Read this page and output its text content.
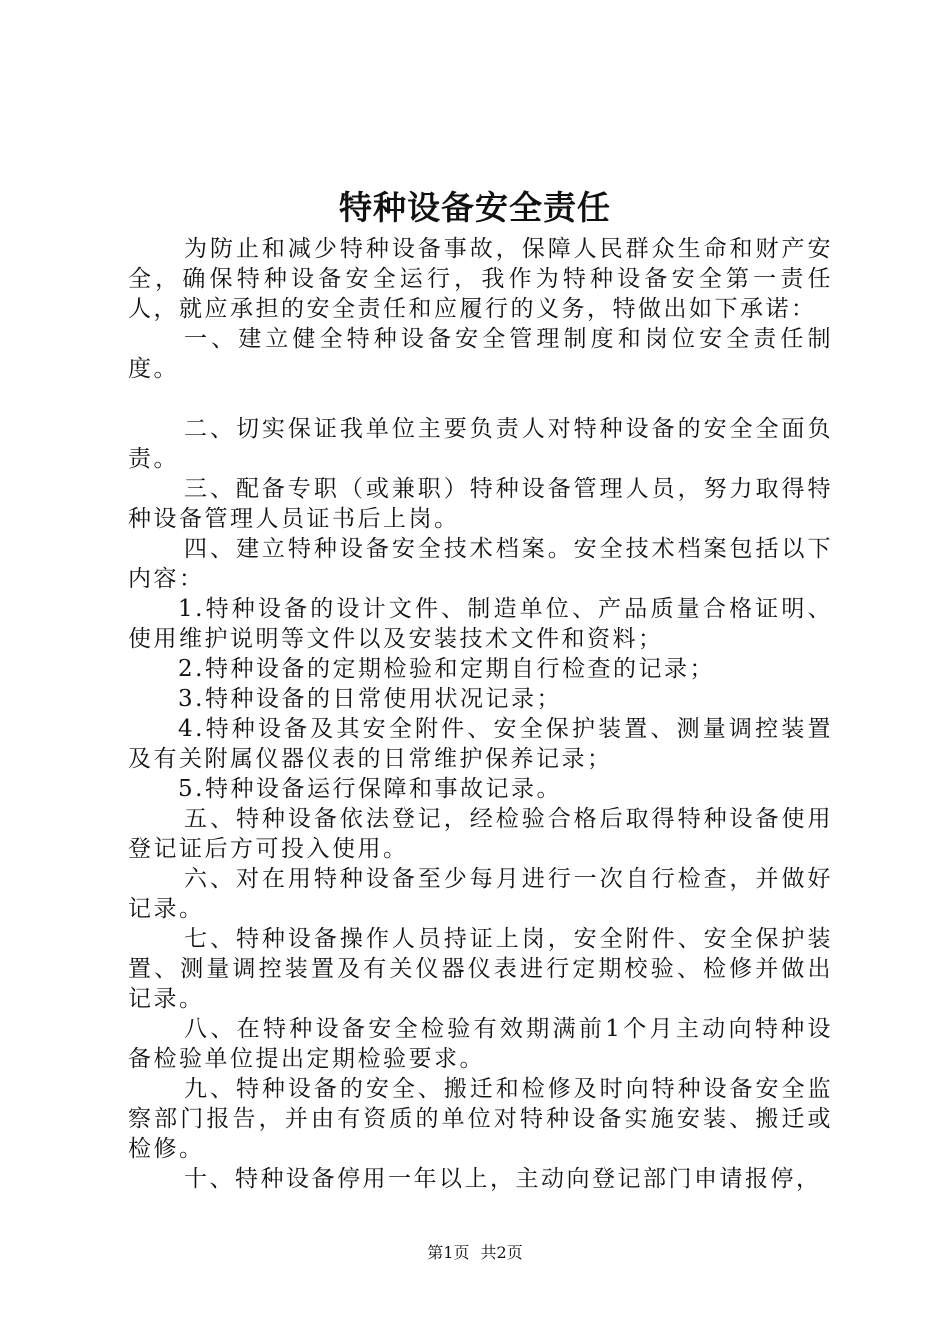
特种设备安全责任

为防止和减少特种设备事故，保障人民群众生命和财产安全，确保特种设备安全运行，我作为特种设备安全第一责任人，就应承担的安全责任和应履行的义务，特做出如下承诺：

一、建立健全特种设备安全管理制度和岗位安全责任制度。

二、切实保证我单位主要负责人对特种设备的安全全面负责。

三、配备专职（或兼职）特种设备管理人员，努力取得特种设备管理人员证书后上岗。

四、建立特种设备安全技术档案。安全技术档案包括以下内容：

1.特种设备的设计文件、制造单位、产品质量合格证明、使用维护说明等文件以及安装技术文件和资料；

2.特种设备的定期检验和定期自行检查的记录；

3.特种设备的日常使用状况记录；

4.特种设备及其安全附件、安全保护装置、测量调控装置及有关附属仪器仪表的日常维护保养记录；

5.特种设备运行保障和事故记录。

五、特种设备依法登记，经检验合格后取得特种设备使用登记证后方可投入使用。

六、对在用特种设备至少每月进行一次自行检查，并做好记录。

七、特种设备操作人员持证上岗，安全附件、安全保护装置、测量调控装置及有关仪器仪表进行定期校验、检修并做出记录。

八、在特种设备安全检验有效期满前1个月主动向特种设备检验单位提出定期检验要求。

九、特种设备的安全、搬迁和检修及时向特种设备安全监察部门报告，并由有资质的单位对特种设备实施安装、搬迁或检修。

十、特种设备停用一年以上，主动向登记部门申请报停，

第1页 共2页
